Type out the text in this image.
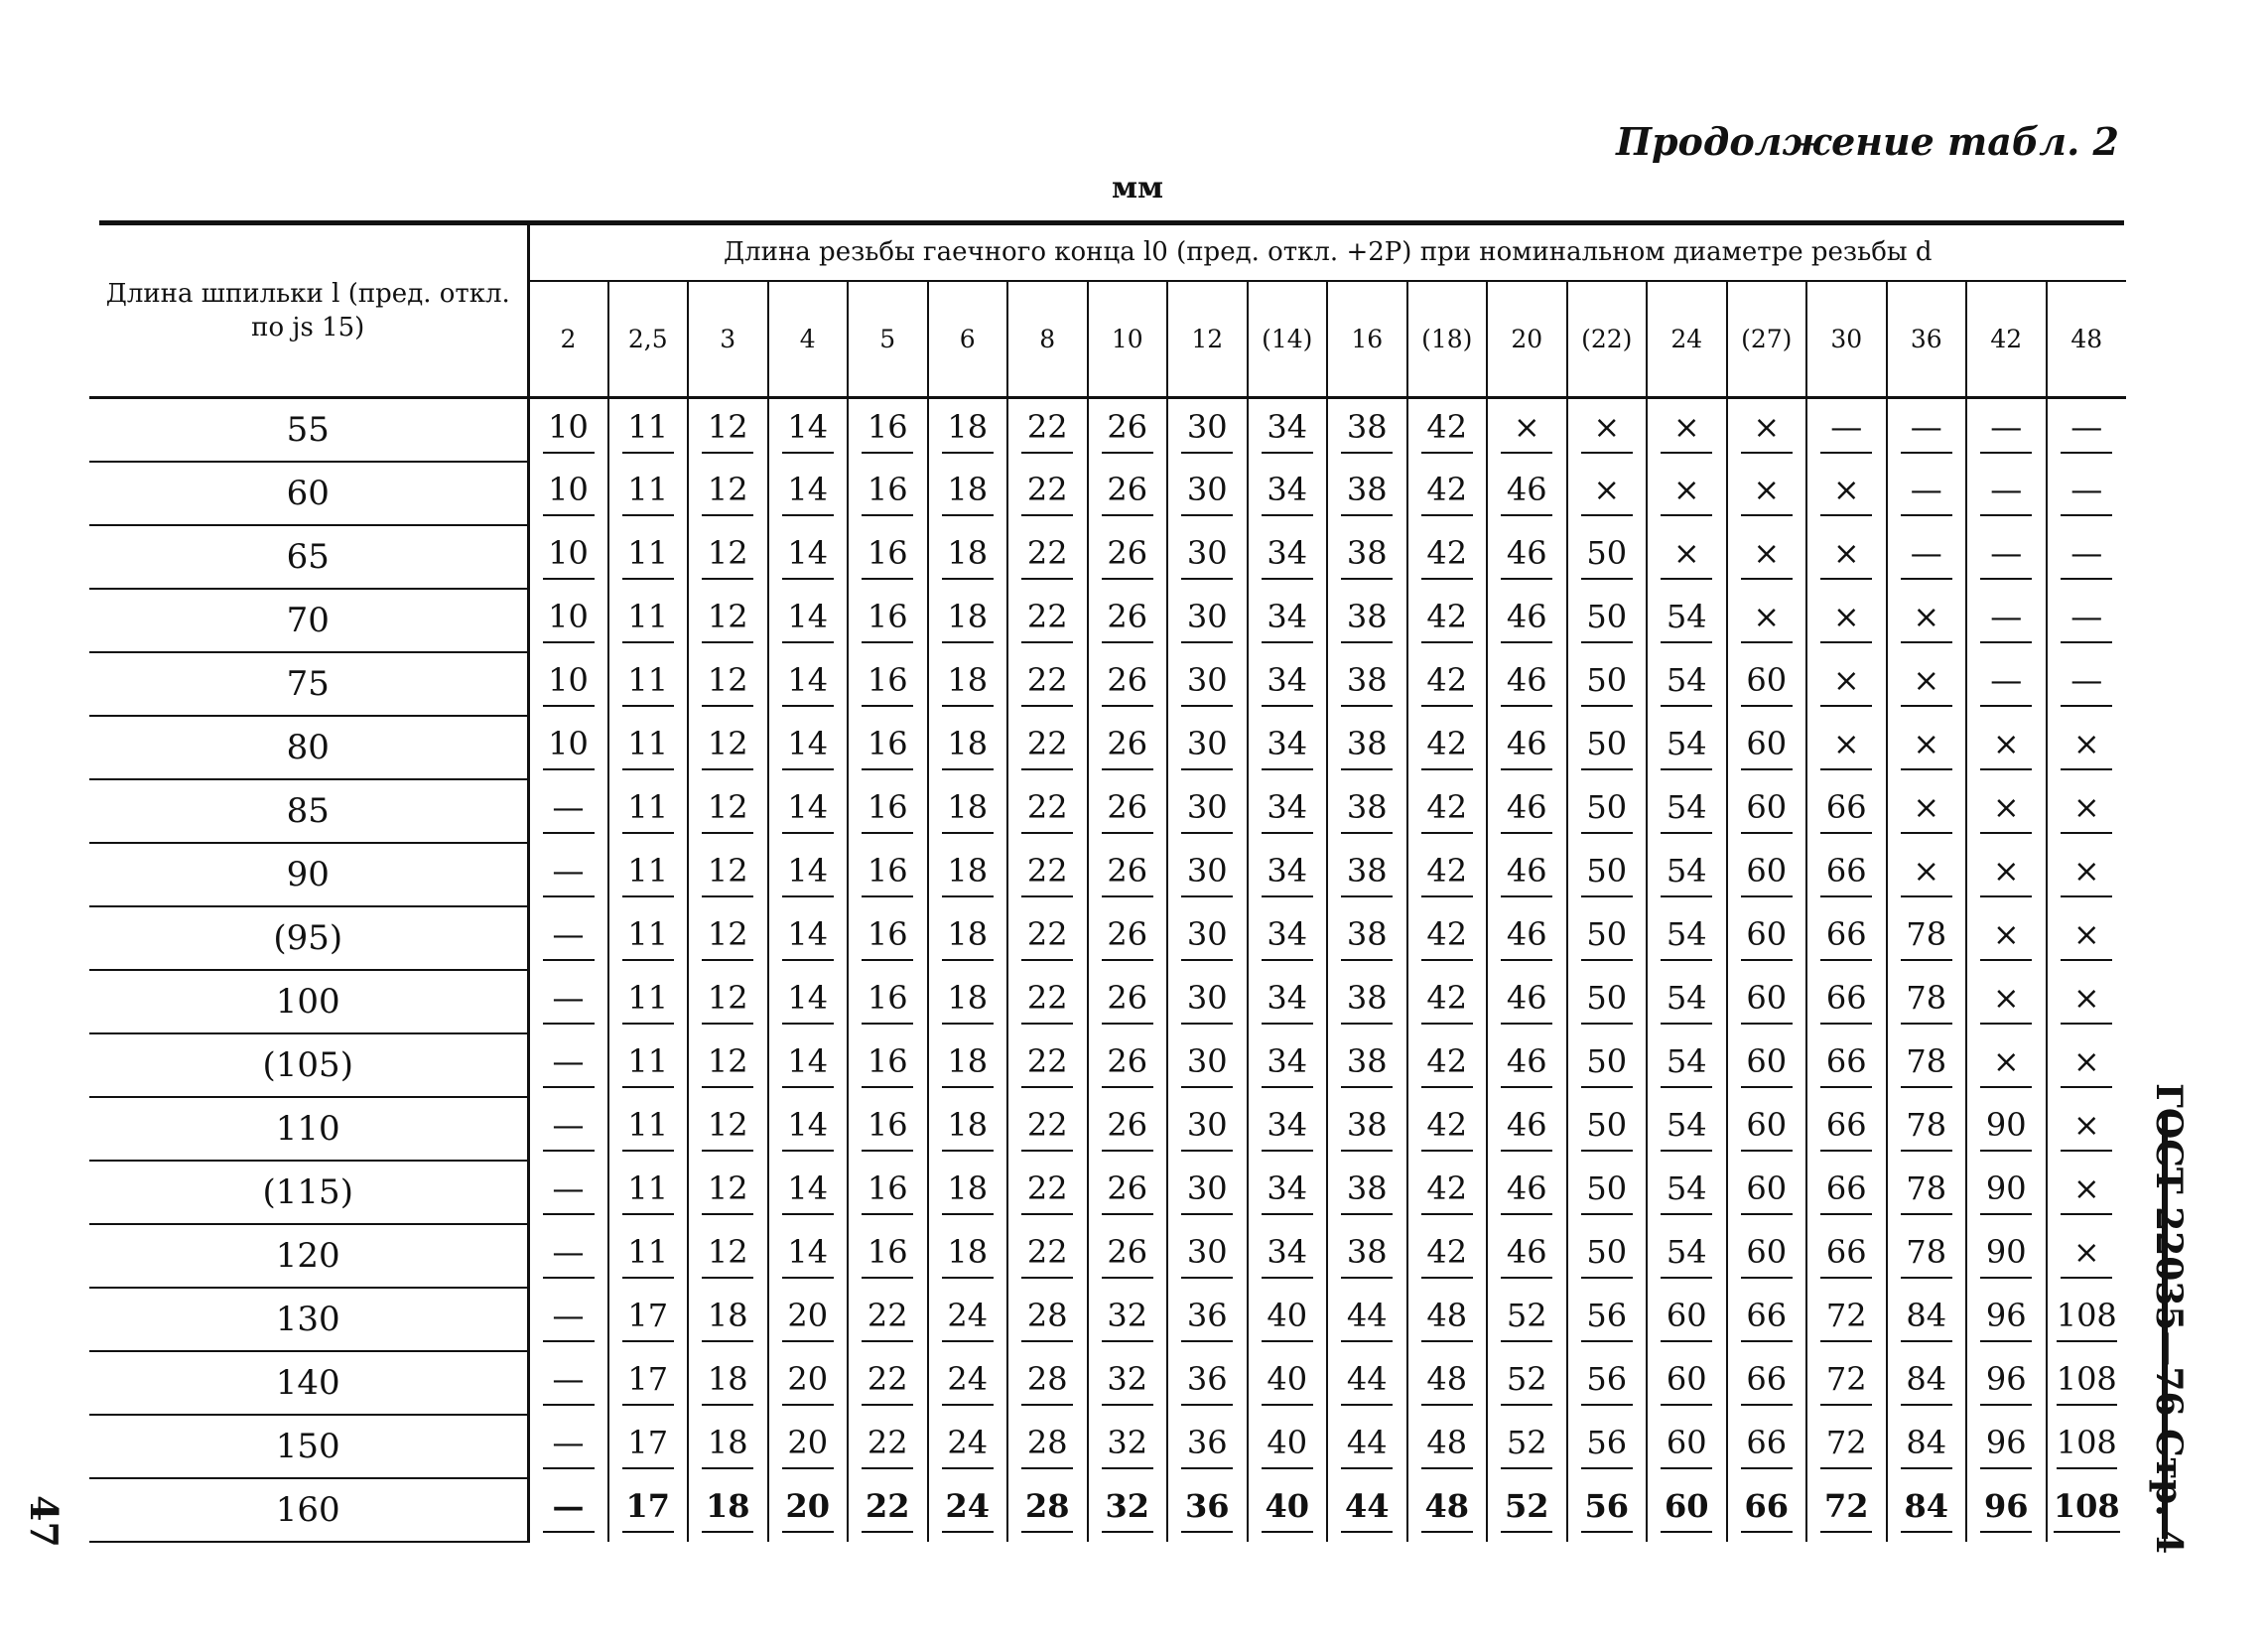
Продолжение табл. 2
мм
Длина шпильки l (пред. откл. по js 15)	Длина резьбы гаечного конца l0 (пред. откл. +2P) при номинальном диаметре резьбы d																			
	2	2,5	3	4	5	6	8	10	12	(14)	16	(18)	20	(22)	24	(27)	30	36	42	48
55	10	11	12	14	16	18	22	26	30	34	38	42	×	×	×	×	—	—	—	—
60	10	11	12	14	16	18	22	26	30	34	38	42	46	×	×	×	×	—	—	—
65	10	11	12	14	16	18	22	26	30	34	38	42	46	50	×	×	×	—	—	—
70	10	11	12	14	16	18	22	26	30	34	38	42	46	50	54	×	×	×	—	—
75	10	11	12	14	16	18	22	26	30	34	38	42	46	50	54	60	×	×	—	—
80	10	11	12	14	16	18	22	26	30	34	38	42	46	50	54	60	×	×	×	×
85	—	11	12	14	16	18	22	26	30	34	38	42	46	50	54	60	66	×	×	×
90	—	11	12	14	16	18	22	26	30	34	38	42	46	50	54	60	66	×	×	×
(95)	—	11	12	14	16	18	22	26	30	34	38	42	46	50	54	60	66	78	×	×
100	—	11	12	14	16	18	22	26	30	34	38	42	46	50	54	60	66	78	×	×
(105)	—	11	12	14	16	18	22	26	30	34	38	42	46	50	54	60	66	78	×	×
110	—	11	12	14	16	18	22	26	30	34	38	42	46	50	54	60	66	78	90	×
(115)	—	11	12	14	16	18	22	26	30	34	38	42	46	50	54	60	66	78	90	×
120	—	11	12	14	16	18	22	26	30	34	38	42	46	50	54	60	66	78	90	×
130	—	17	18	20	22	24	28	32	36	40	44	48	52	56	60	66	72	84	96	108
140	—	17	18	20	22	24	28	32	36	40	44	48	52	56	60	66	72	84	96	108
150	—	17	18	20	22	24	28	32	36	40	44	48	52	56	60	66	72	84	96	108
160	—	17	18	20	22	24	28	32	36	40	44	48	52	56	60	66	72	84	96	108 ГОСТ 22035—76 Стр. 4
47
